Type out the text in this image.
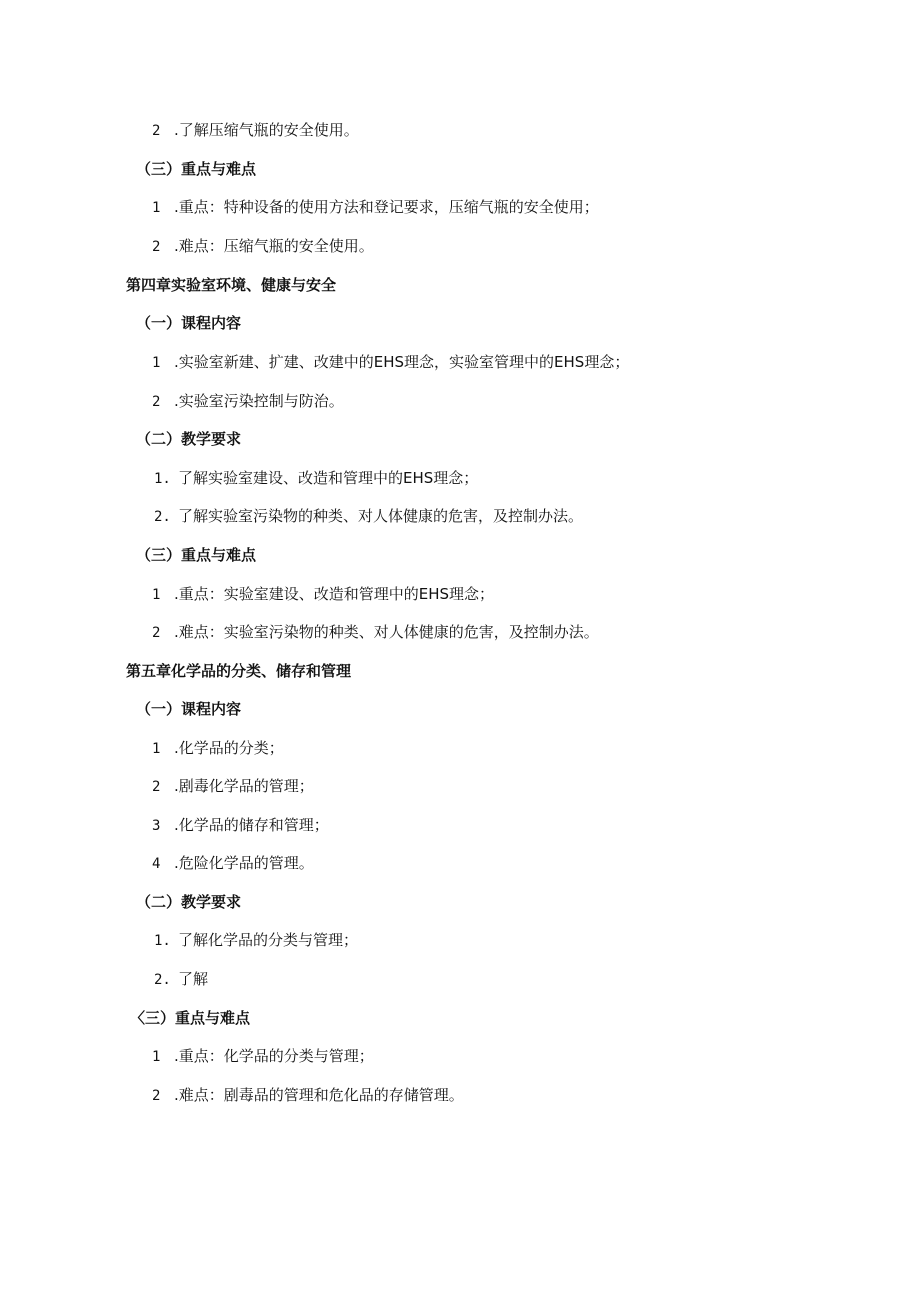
2 .了解压缩气瓶的安全使用。
（三）重点与难点
1 .重点：特种设备的使用方法和登记要求，压缩气瓶的安全使用；
2 .难点：压缩气瓶的安全使用。
第四章实验室环境、健康与安全
（一）课程内容
1 .实验室新建、扩建、改建中的EHS理念，实验室管理中的EHS理念；
2 .实验室污染控制与防治。
（二）教学要求
1. 了解实验室建设、改造和管理中的EHS理念；
2. 了解实验室污染物的种类、对人体健康的危害，及控制办法。
（三）重点与难点
1 .重点：实验室建设、改造和管理中的EHS理念；
2 .难点：实验室污染物的种类、对人体健康的危害，及控制办法。
第五章化学品的分类、储存和管理
（一）课程内容
1 .化学品的分类；
2 .剧毒化学品的管理；
3 .化学品的储存和管理；
4 .危险化学品的管理。
（二）教学要求
1. 了解化学品的分类与管理；
2. 了解
〈三）重点与难点
1 .重点：化学品的分类与管理；
2 .难点：剧毒品的管理和危化品的存储管理。
